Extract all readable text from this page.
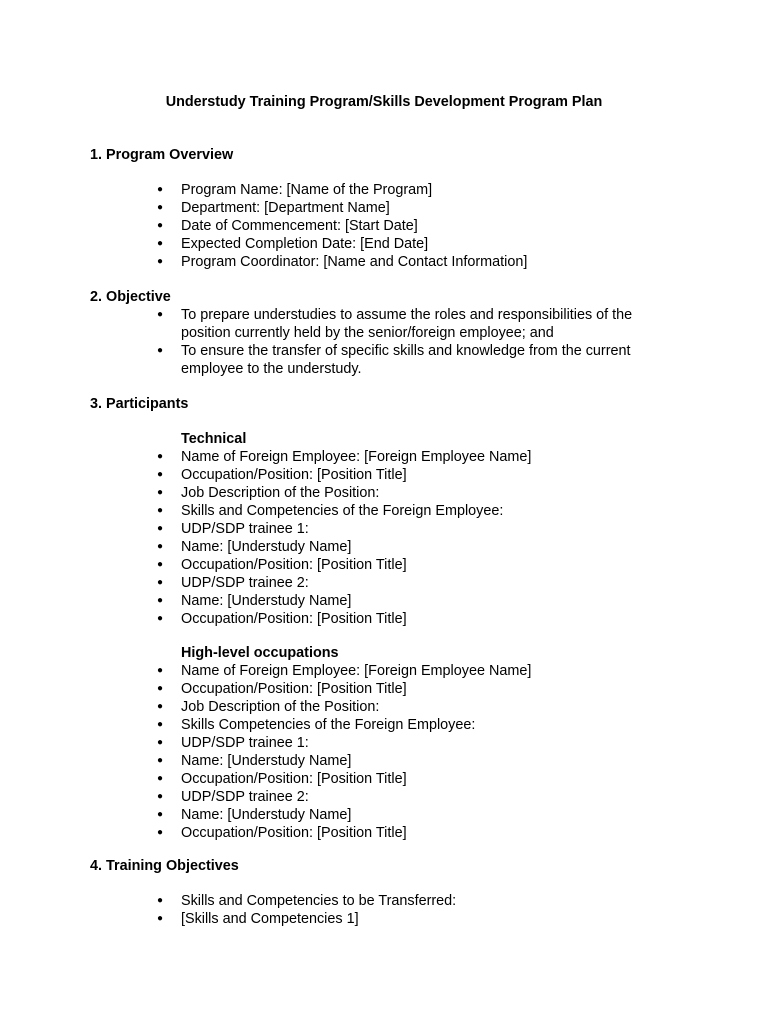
Understudy Training Program/Skills Development Program Plan
1. Program Overview
● Program Name: [Name of the Program]
● Department: [Department Name]
● Date of Commencement: [Start Date]
● Expected Completion Date: [End Date]
● Program Coordinator: [Name and Contact Information]
2. Objective
● To prepare understudies to assume the roles and responsibilities of the position currently held by the senior/foreign employee; and
● To ensure the transfer of specific skills and knowledge from the current employee to the understudy.
3. Participants
Technical
● Name of Foreign Employee: [Foreign Employee Name]
● Occupation/Position: [Position Title]
● Job Description of the Position:
● Skills and Competencies of the Foreign Employee:
● UDP/SDP trainee 1:
● Name: [Understudy Name]
● Occupation/Position: [Position Title]
● UDP/SDP trainee 2:
● Name: [Understudy Name]
● Occupation/Position: [Position Title]
High-level occupations
● Name of Foreign Employee: [Foreign Employee Name]
● Occupation/Position: [Position Title]
● Job Description of the Position:
● Skills Competencies of the Foreign Employee:
● UDP/SDP trainee 1:
● Name: [Understudy Name]
● Occupation/Position: [Position Title]
● UDP/SDP trainee 2:
● Name: [Understudy Name]
● Occupation/Position: [Position Title]
4. Training Objectives
● Skills and Competencies to be Transferred:
● [Skills and Competencies 1]
